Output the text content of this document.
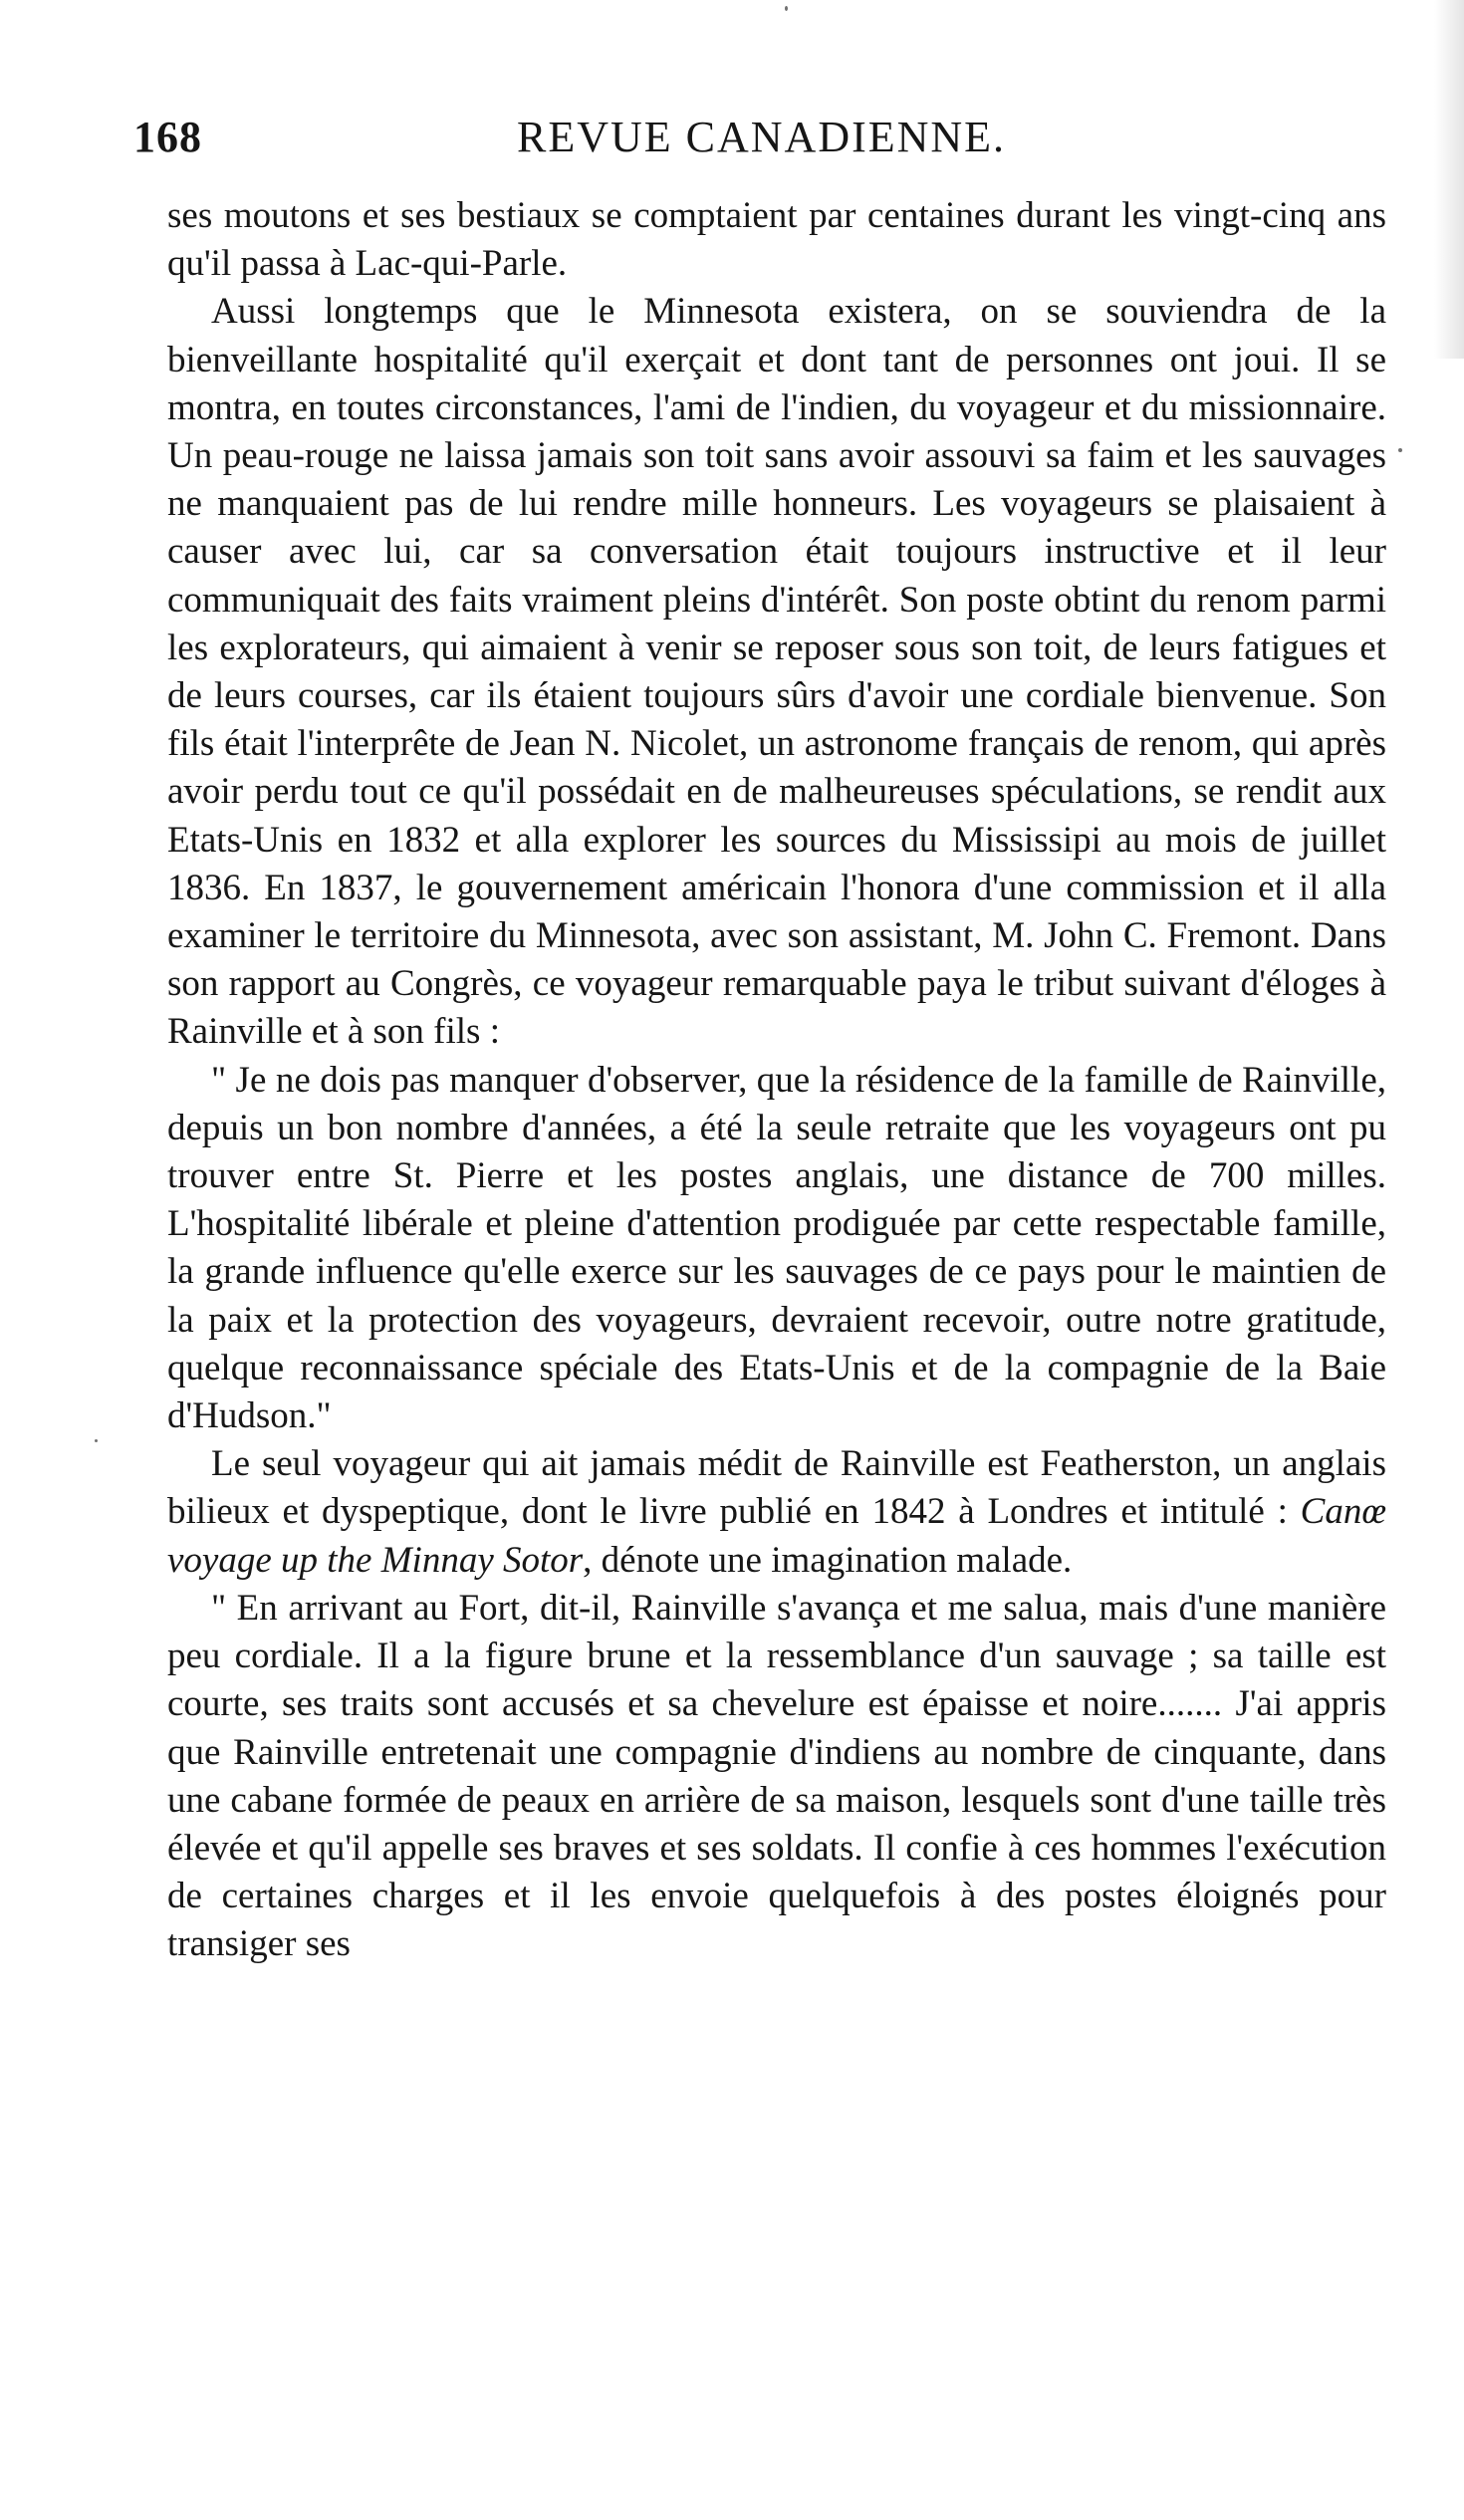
168	REVUE CANADIENNE.

ses moutons et ses bestiaux se comptaient par centaines durant les vingt-cinq ans qu'il passa à Lac-qui-Parle.

Aussi longtemps que le Minnesota existera, on se souviendra de la bienveillante hospitalité qu'il exerçait et dont tant de personnes ont joui. Il se montra, en toutes circonstances, l'ami de l'indien, du voyageur et du missionnaire. Un peau-rouge ne laissa jamais son toit sans avoir assouvi sa faim et les sauvages ne manquaient pas de lui rendre mille honneurs. Les voyageurs se plaisaient à causer avec lui, car sa conversation était toujours instructive et il leur communiquait des faits vraiment pleins d'intérêt. Son poste obtint du renom parmi les explorateurs, qui aimaient à venir se reposer sous son toit, de leurs fatigues et de leurs courses, car ils étaient toujours sûrs d'avoir une cordiale bienvenue. Son fils était l'interprête de Jean N. Nicolet, un astronome français de renom, qui après avoir perdu tout ce qu'il possédait en de malheureuses spéculations, se rendit aux Etats-Unis en 1832 et alla explorer les sources du Mississipi au mois de juillet 1836. En 1837, le gouvernement américain l'honora d'une commission et il alla examiner le territoire du Minnesota, avec son assistant, M. John C. Fremont. Dans son rapport au Congrès, ce voyageur remarquable paya le tribut suivant d'éloges à Rainville et à son fils :

" Je ne dois pas manquer d'observer, que la résidence de la famille de Rainville, depuis un bon nombre d'années, a été la seule retraite que les voyageurs ont pu trouver entre St. Pierre et les postes anglais, une distance de 700 milles. L'hospitalité libérale et pleine d'attention prodiguée par cette respectable famille, la grande influence qu'elle exerce sur les sauvages de ce pays pour le maintien de la paix et la protection des voyageurs, devraient recevoir, outre notre gratitude, quelque reconnaissance spéciale des Etats-Unis et de la compagnie de la Baie d'Hudson."

Le seul voyageur qui ait jamais médit de Rainville est Featherston, un anglais bilieux et dyspeptique, dont le livre publié en 1842 à Londres et intitulé : Canœ voyage up the Minnay Sotor, dénote une imagination malade.

" En arrivant au Fort, dit-il, Rainville s'avança et me salua, mais d'une manière peu cordiale. Il a la figure brune et la ressemblance d'un sauvage ; sa taille est courte, ses traits sont accusés et sa chevelure est épaisse et noire....... J'ai appris que Rainville entretenait une compagnie d'indiens au nombre de cinquante, dans une cabane formée de peaux en arrière de sa maison, lesquels sont d'une taille très élevée et qu'il appelle ses braves et ses soldats. Il confie à ces hommes l'exécution de certaines charges et il les envoie quelquefois à des postes éloignés pour transiger ses
